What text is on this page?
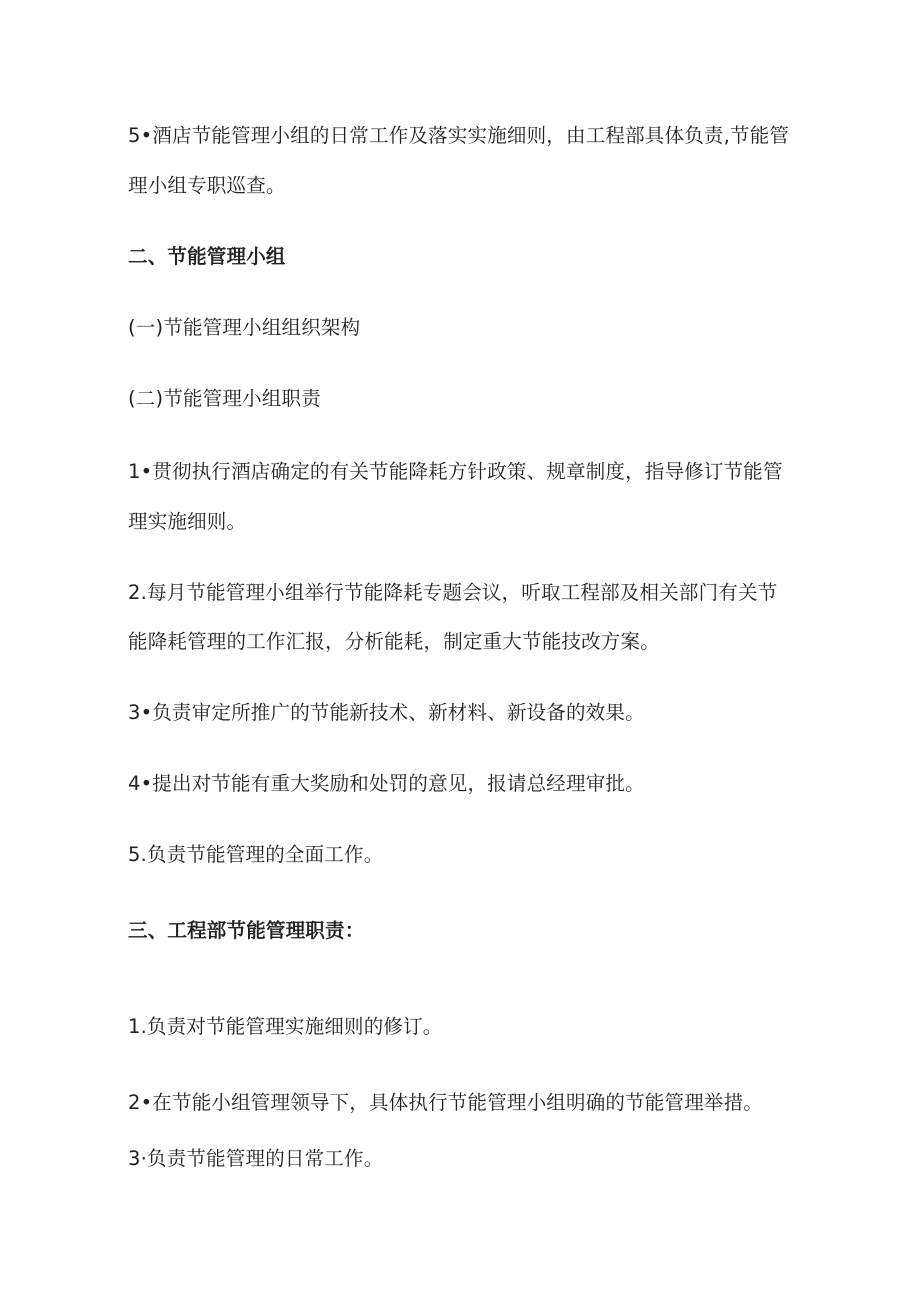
5•酒店节能管理小组的日常工作及落实实施细则，由工程部具体负责,节能管

理小组专职巡查。

二、节能管理小组

(一)节能管理小组组织架构

(二)节能管理小组职责

1•贯彻执行酒店确定的有关节能降耗方针政策、规章制度，指导修订节能管

理实施细则。

2.每月节能管理小组举行节能降耗专题会议，听取工程部及相关部门有关节

能降耗管理的工作汇报，分析能耗，制定重大节能技改方案。

3•负责审定所推广的节能新技术、新材料、新设备的效果。

4•提出对节能有重大奖励和处罚的意见，报请总经理审批。

5.负责节能管理的全面工作。

三、工程部节能管理职责：

1.负责对节能管理实施细则的修订。

2•在节能小组管理领导下，具体执行节能管理小组明确的节能管理举措。

3·负责节能管理的日常工作。
